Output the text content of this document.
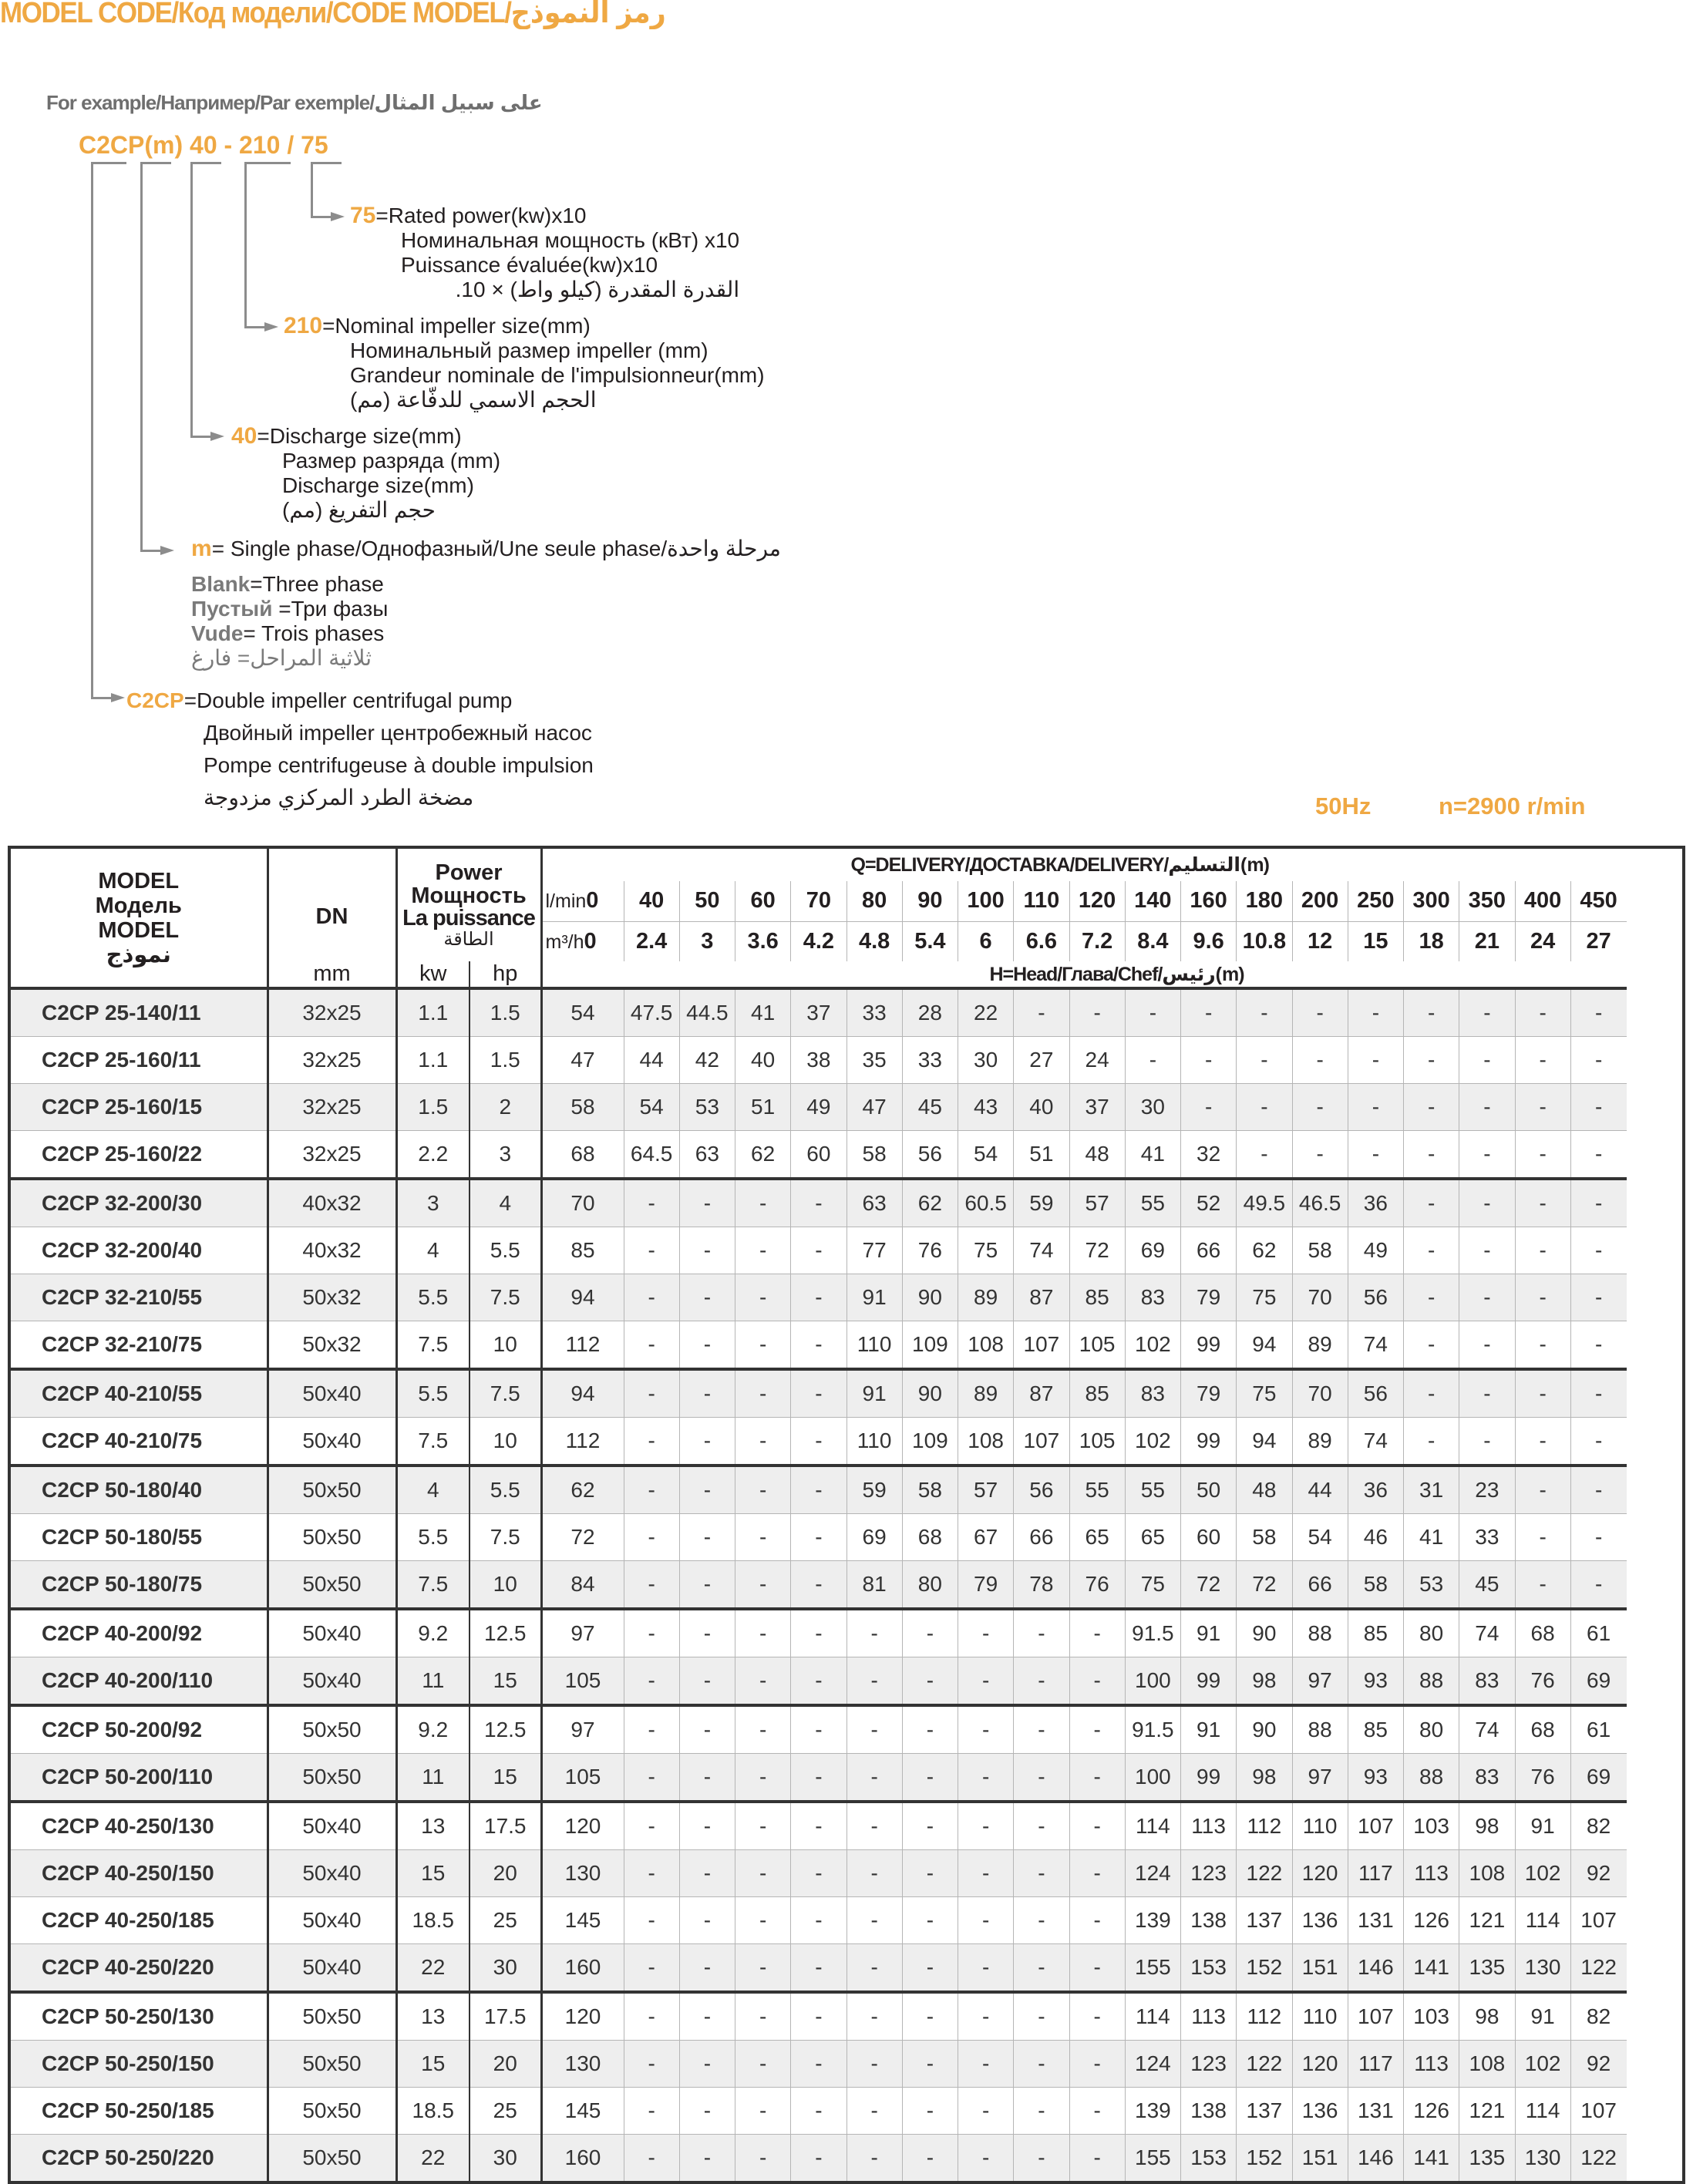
MODEL CODE/Код модели/CODE MODEL/رمز النموذج
For example/Например/Par exemple/على سبيل المثال
C2CP(m) 40 - 210 / 75
75=Rated power(kw)x10
Номинальная мощность (кВт) x10
Puissance évaluée(kw)x10
القدرة المقدرة (كيلو واط) × 10.
210=Nominal impeller size(mm)
Номинальный размер impeller (mm)
Grandeur nominale de l'impulsionneur(mm)
الحجم الاسمي للدفّاعة (مم)
40=Discharge size(mm)
Размер разряда (mm)
Discharge size(mm)
حجم التفريغ (مم)
m= Single phase/Однофазный/Une seule phase/مرحلة واحدة
Blank=Three phase
Пустый =Три фазы
Vude= Trois phases
ثلاثية المراحل= فارغ
C2CP=Double impeller centrifugal pump
Двойный impeller центробежный насос
Pompe centrifugeuse à double impulsion
مضخة الطرد المركزي مزدوجة	50Hz	n=2900 r/min
MODEL
Модель
MODEL
نموذج

DN

Power
Мощность
La puissance
الطاقة
	Q=DELIVERY/ДОСТАВКА/DELIVERY/التسليم(m)
				l/min0	40	50	60	70	80	90	100	110	120	140	160	180	200	250	300	350	400	450
				m³/h0	2.4	3	3.6	4.2	4.8	5.4	6	6.6	7.2	8.4	9.6	10.8	12	15	18	21	24	27
	mm	kw	hp	H=Head/Глава/Chef/رئيس(m)																		
C2CP 25-140/11	32x25	1.1	1.5	54	47.5	44.5	41	37	33	28	22	-	-	-	-	-	-	-	-	-	-	-
C2CP 25-160/11	32x25	1.1	1.5	47	44	42	40	38	35	33	30	27	24	-	-	-	-	-	-	-	-	-
C2CP 25-160/15	32x25	1.5	2	58	54	53	51	49	47	45	43	40	37	30	-	-	-	-	-	-	-	-
C2CP 25-160/22	32x25	2.2	3	68	64.5	63	62	60	58	56	54	51	48	41	32	-	-	-	-	-	-	-
C2CP 32-200/30	40x32	3	4	70	-	-	-	-	63	62	60.5	59	57	55	52	49.5	46.5	36	-	-	-	-
C2CP 32-200/40	40x32	4	5.5	85	-	-	-	-	77	76	75	74	72	69	66	62	58	49	-	-	-	-
C2CP 32-210/55	50x32	5.5	7.5	94	-	-	-	-	91	90	89	87	85	83	79	75	70	56	-	-	-	-
C2CP 32-210/75	50x32	7.5	10	112	-	-	-	-	110	109	108	107	105	102	99	94	89	74	-	-	-	-
C2CP 40-210/55	50x40	5.5	7.5	94	-	-	-	-	91	90	89	87	85	83	79	75	70	56	-	-	-	-
C2CP 40-210/75	50x40	7.5	10	112	-	-	-	-	110	109	108	107	105	102	99	94	89	74	-	-	-	-
C2CP 50-180/40	50x50	4	5.5	62	-	-	-	-	59	58	57	56	55	55	50	48	44	36	31	23	-	-
C2CP 50-180/55	50x50	5.5	7.5	72	-	-	-	-	69	68	67	66	65	65	60	58	54	46	41	33	-	-
C2CP 50-180/75	50x50	7.5	10	84	-	-	-	-	81	80	79	78	76	75	72	72	66	58	53	45	-	-
C2CP 40-200/92	50x40	9.2	12.5	97	-	-	-	-	-	-	-	-	-	91.5	91	90	88	85	80	74	68	61
C2CP 40-200/110	50x40	11	15	105	-	-	-	-	-	-	-	-	-	100	99	98	97	93	88	83	76	69
C2CP 50-200/92	50x50	9.2	12.5	97	-	-	-	-	-	-	-	-	-	91.5	91	90	88	85	80	74	68	61
C2CP 50-200/110	50x50	11	15	105	-	-	-	-	-	-	-	-	-	100	99	98	97	93	88	83	76	69
C2CP 40-250/130	50x40	13	17.5	120	-	-	-	-	-	-	-	-	-	114	113	112	110	107	103	98	91	82
C2CP 40-250/150	50x40	15	20	130	-	-	-	-	-	-	-	-	-	124	123	122	120	117	113	108	102	92
C2CP 40-250/185	50x40	18.5	25	145	-	-	-	-	-	-	-	-	-	139	138	137	136	131	126	121	114	107
C2CP 40-250/220	50x40	22	30	160	-	-	-	-	-	-	-	-	-	155	153	152	151	146	141	135	130	122
C2CP 50-250/130	50x50	13	17.5	120	-	-	-	-	-	-	-	-	-	114	113	112	110	107	103	98	91	82
C2CP 50-250/150	50x50	15	20	130	-	-	-	-	-	-	-	-	-	124	123	122	120	117	113	108	102	92
C2CP 50-250/185	50x50	18.5	25	145	-	-	-	-	-	-	-	-	-	139	138	137	136	131	126	121	114	107
C2CP 50-250/220	50x50	22	30	160	-	-	-	-	-	-	-	-	-	155	153	152	151	146	141	135	130	122
